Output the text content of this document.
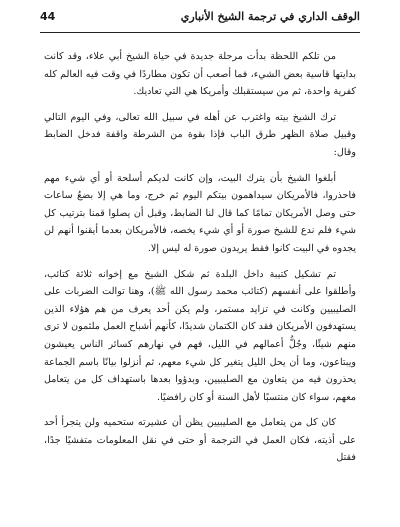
الوقف الداري في ترجمة الشيخ الأنباري
44

من تلكم اللحظة بدأت مرحلة جديدة في حياة الشيخ أبي علاء، وقد كانت بدايتها قاسية بعض الشيء، فما أصعب أن تكون مطاردًا في وقت فيه العالم كله كفرية واحدة، ثم من سيستقبلك وأمريكا هي التي تعاديك.

ترك الشيخ بيته واغترب عن أهله في سبيل الله تعالى، وفي اليوم التالي وقبيل صلاة الظهر طرق الباب فإذا بقوة من الشرطة واقفة فدخل الضابط وقال:

أبلغوا الشيخ بأن يترك البيت، وإن كانت لديكم أسلحة أو أي شيء مهم فاحذروا، فالأمريكان سيداهمون بيتكم اليوم ثم خرج، وما هي إلا بضعُ ساعات حتى وصل الأمريكان تمامًا كما قال لنا الضابط، وقبل أن يصلوا قمنا بترتيب كل شيء فلم ندع للشيخ صورة أو أي شيء يخصه، فالأمريكان بعدما أيقنوا أنهم لن يجدوه في البيت كانوا فقط يريدون صورة له ليس إلا.

تم تشكيل كتيبة داخل البلدة ثم شكل الشيخ مع إخوانه ثلاثة كتائب، وأطلقوا على أنفسهم (كتائب محمد رسول الله ﷺ)، وهنا توالت الضربات على الصليبيين وكانت في تزايد مستمر، ولم يكن أحد يعرف من هم هؤلاء الذين يستهدفون الأمريكان فقد كان الكتمان شديدًا، كأنهم أشباح العمل ملثمون لا ترى منهم شيئًا، وجُلُّ أعمالهم في الليل، فهم في نهارهم كسائر الناس يعيشون ويبتاعون، وما أن يحل الليل يتغير كل شيء معهم، ثم أنزلوا بيانًا باسم الجماعة يحذرون فيه من يتعاون مع الصليبيين، وبدؤوا بعدها باستهداف كل من يتعامل معهم، سواء كان منتسبًا لأهل السنة أو كان رافضيًا.

كان كل من يتعامل مع الصليبيين يظن أن عشيرته ستحميه ولن يتجرأ أحد على أذيته، فكان العمل في الترجمة أو حتى في نقل المعلومات متفشيًا جدًا، فقتل
